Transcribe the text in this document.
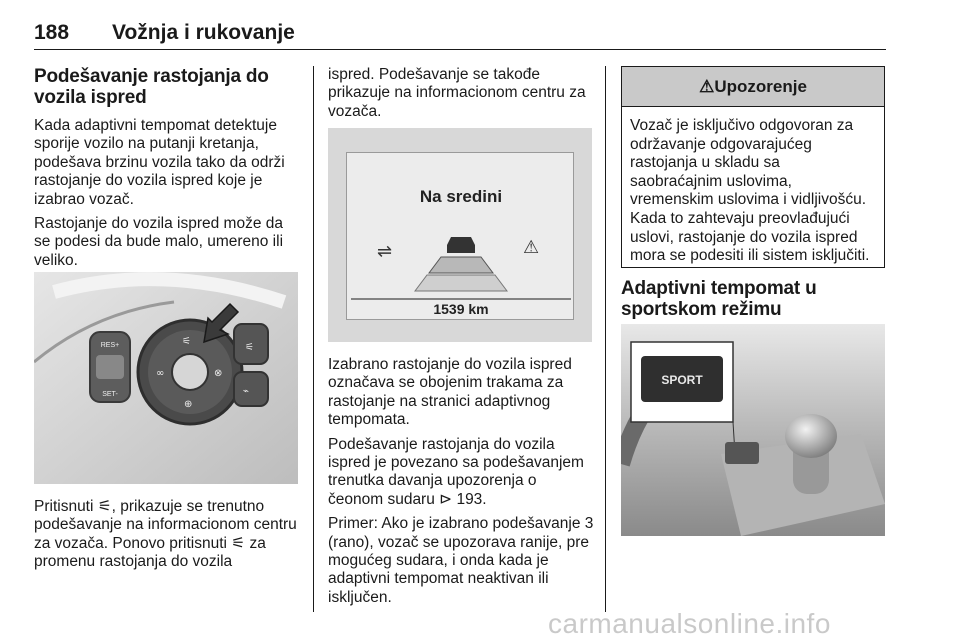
188 Vožnja i rukovanje
Podešavanje rastojanja do vozila ispred
Kada adaptivni tempomat detektuje sporije vozilo na putanji kretanja, podešava brzinu vozila tako da održi rastojanje do vozila ispred koje je izabrao vozač.
Rastojanje do vozila ispred može da se podesi da bude malo, umereno ili veliko.
RES+
SET-
∞	⊗
⊕
⚟
⚟
⌁
Pritisnuti ⚟, prikazuje se trenutno podešavanje na informacionom centru za vozača. Ponovo pritisnuti ⚟ za promenu rastojanja do vozila
ispred. Podešavanje se takođe prikazuje na informacionom centru za vozača.
Na sredini
⇌	⚠
1539 km
Izabrano rastojanje do vozila ispred označava se obojenim trakama za rastojanje na stranici adaptivnog tempomata.
Podešavanje rastojanja do vozila ispred je povezano sa podešavanjem trenutka davanja upozorenja o čeonom sudaru ⊳ 193.
Primer: Ako je izabrano podešavanje 3 (rano), vozač se upozorava ranije, pre mogućeg sudara, i onda kada je adaptivni tempomat neaktivan ili isključen.
⚠Upozorenje
Vozač je isključivo odgovoran za održavanje odgovarajućeg rastojanja u skladu sa saobraćajnim uslovima, vremenskim uslovima i vidljivošću. Kada to zahtevaju preovlađujući uslovi, rastojanje do vozila ispred mora se podesiti ili sistem isključiti.
Adaptivni tempomat u sportskom režimu
SPORT
carmanualsonline.info
